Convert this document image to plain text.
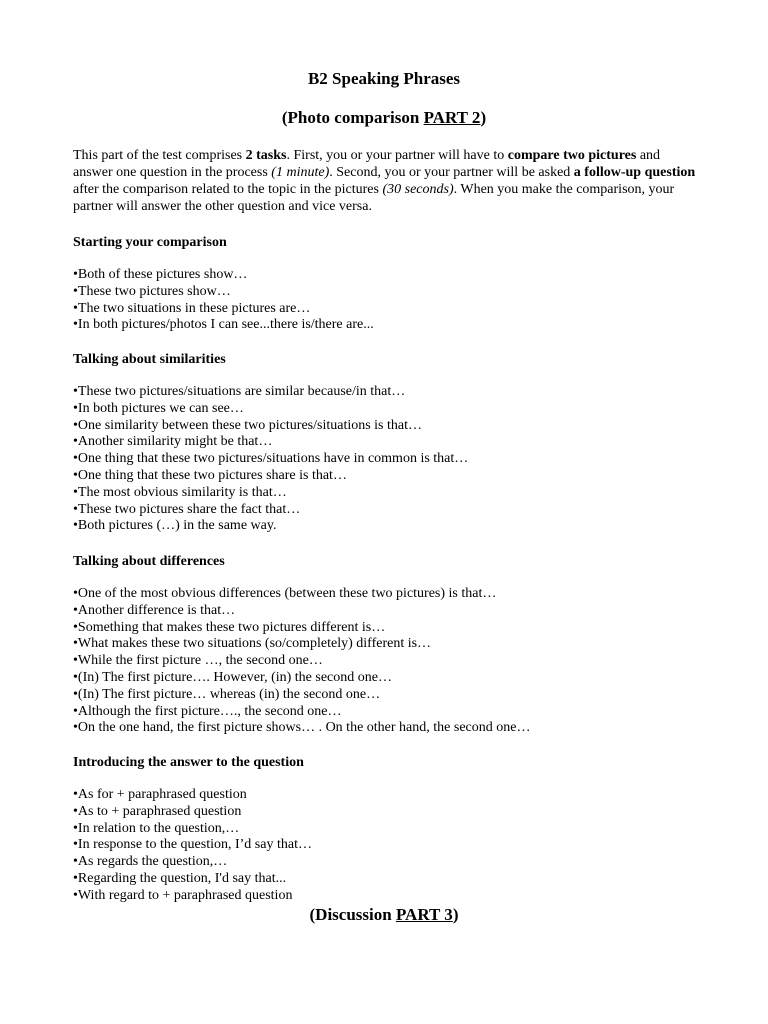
B2 Speaking Phrases
(Photo comparison PART 2)
This part of the test comprises 2 tasks. First, you or your partner will have to compare two pictures and answer one question in the process (1 minute). Second, you or your partner will be asked a follow-up question after the comparison related to the topic in the pictures (30 seconds). When you make the comparison, your partner will answer the other question and vice versa.
Starting your comparison
•Both of these pictures show…
•These two pictures show…
•The two situations in these pictures are…
•In both pictures/photos I can see...there is/there are...
Talking about similarities
•These two pictures/situations are similar because/in that…
•In both pictures we can see…
•One similarity between these two pictures/situations is that…
•Another similarity might be that…
•One thing that these two pictures/situations have in common is that…
•One thing that these two pictures share is that…
•The most obvious similarity is that…
•These two pictures share the fact that…
•Both pictures (…) in the same way.
Talking about differences
•One of the most obvious differences (between these two pictures) is that…
•Another difference is that…
•Something that makes these two pictures different is…
•What makes these two situations (so/completely) different is…
•While the first picture …, the second one…
•(In) The first picture…. However, (in) the second one…
•(In) The first picture… whereas (in) the second one…
•Although the first picture…., the second one…
•On the one hand, the first picture shows… . On the other hand, the second one…
Introducing the answer to the question
•As for + paraphrased question
•As to + paraphrased question
•In relation to the question,…
•In response to the question, I’d say that…
•As regards the question,…
•Regarding the question, I'd say that...
•With regard to + paraphrased question
(Discussion PART 3)
